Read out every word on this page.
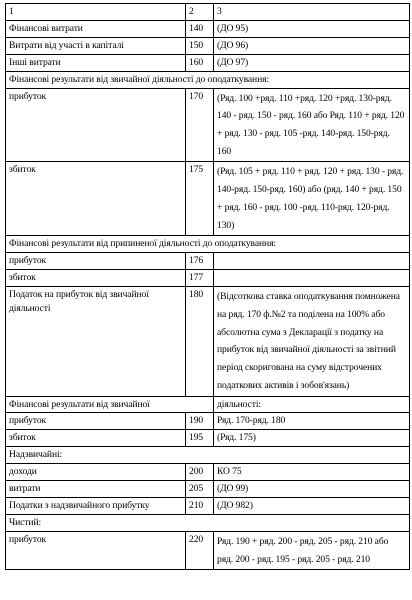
1	2	3
Фінансові витрати	140	(ДО 95)
Витрати від участі в капіталі	150	(ДО 96)
Інші витрати	160	(ДО 97)
Фінансові результати від звичайної діяльності до оподаткування:		
прибуток	170	(Ряд. 100 +ряд. 110 +ряд. 120 +ряд. 130-ряд. 140 - ряд. 150 - ряд. 160 або Ряд. 110 + ряд. 120 + ряд. 130 - ряд. 105 -ряд. 140-ряд. 150-ряд. 160
збиток	175	(Ряд. 105 + ряд. 110 + ряд. 120 + ряд. 130 - ряд. 140-ряд. 150-ряд. 160) або (ряд. 140 + ряд. 150 + ряд. 160 - ряд. 100 -ряд. 110-ряд. 120-ряд. 130)
Фінансові результати від припиненої діяльності до оподаткування:		
прибуток	176	
збиток	177	
Податок на прибуток від звичайної діяльності	180	(Відсоткова ставка оподаткування помножена на ряд. 170 ф.№2 та поділена на 100% або абсолютна сума з Декларації з податку на прибуток від звичайної діяльності за звітний період скоригована на суму відстрочених податкових активів і зобов'язань)
Фінансові результати від звичайної		діяльності:
прибуток	190	Ряд. 170-ряд. 180
збиток	195	(Ряд. 175)
Надзвичайні:		
доходи	200	КО 75
витрати	205	(ДО 99)
Податки з надзвичайного прибутку	210	(ДО 982)
Чистий:		
прибуток	220	Ряд. 190 + ряд. 200 - ряд. 205 - ряд. 210 або ряд. 200 - ряд. 195 - ряд. 205 - ряд. 210
